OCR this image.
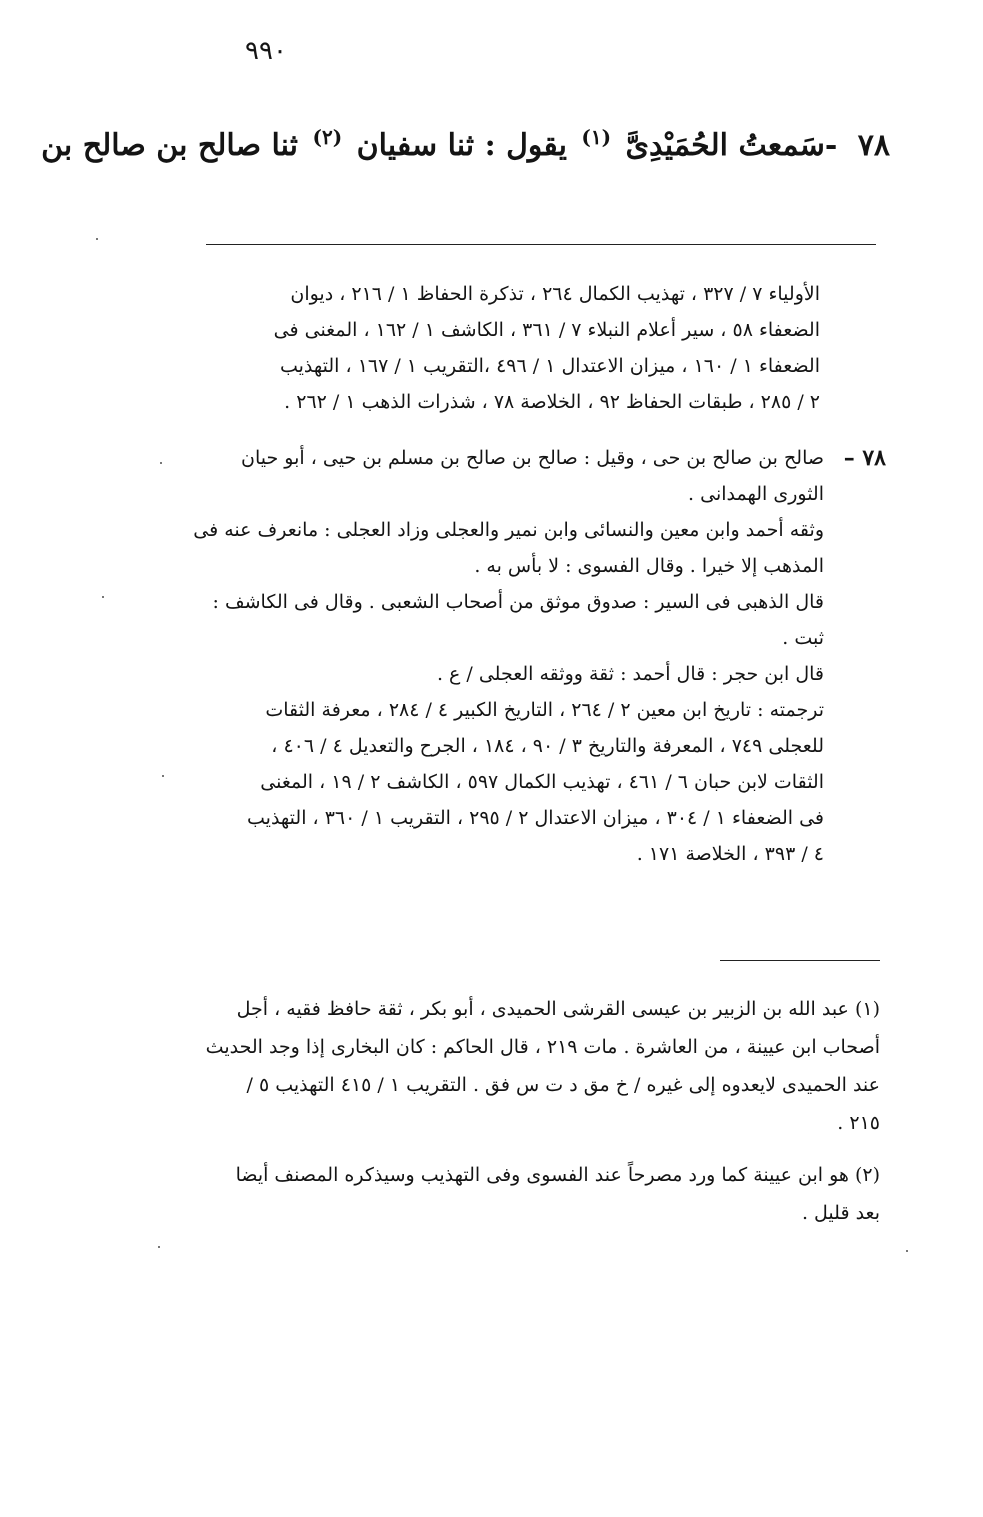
٩٩٠
٧٨ -سَمعتُ الحُمَيْدِىَّ $^{(١)}$ يقول : ثنا سفيان $^{(٢)}$ ثنا صالح بن صالح بن

الأولياء ٧ / ٣٢٧ ، تهذيب الكمال ٢٦٤ ، تذكرة الحفاظ ١ / ٢١٦ ، ديوان

الضعفاء ٥٨ ، سير أعلام النبلاء ٧ / ٣٦١ ، الكاشف ١ / ١٦٢ ، المغنى فى

الضعفاء ١ / ١٦٠ ، ميزان الاعتدال ١ / ٤٩٦ ،التقريب ١ / ١٦٧ ، التهذيب

٢ / ٢٨٥ ، طبقات الحفاظ ٩٢ ، الخلاصة ٧٨ ، شذرات الذهب ١ / ٢٦٢ .

٧٨ –

صالح بن صالح بن حى ، وقيل : صالح بن صالح بن مسلم بن حيى ، أبو حيان

الثورى الهمدانى .

وثقه أحمد وابن معين والنسائى وابن نمير والعجلى وزاد العجلى : مانعرف عنه فى

المذهب إلا خيرا . وقال الفسوى : لا بأس به .

قال الذهبى فى السير : صدوق موثق من أصحاب الشعبى . وقال فى الكاشف :

ثبت .

قال ابن حجر : قال أحمد : ثقة ووثقه العجلى / ع .

ترجمته : تاريخ ابن معين ٢ / ٢٦٤ ، التاريخ الكبير ٤ / ٢٨٤ ، معرفة الثقات

للعجلى ٧٤٩ ، المعرفة والتاريخ ٣ / ٩٠ ، ١٨٤ ، الجرح والتعديل ٤ / ٤٠٦ ،

الثقات لابن حبان ٦ / ٤٦١ ، تهذيب الكمال ٥٩٧ ، الكاشف ٢ / ١٩ ، المغنى

فى الضعفاء ١ / ٣٠٤ ، ميزان الاعتدال ٢ / ٢٩٥ ، التقريب ١ / ٣٦٠ ، التهذيب

٤ / ٣٩٣ ، الخلاصة ١٧١ .

(١) عبد الله بن الزبير بن عيسى القرشى الحميدى ، أبو بكر ، ثقة حافظ فقيه ، أجل

أصحاب ابن عيينة ، من العاشرة . مات ٢١٩ ، قال الحاكم : كان البخارى إذا وجد الحديث

عند الحميدى لايعدوه إلى غيره / خ مق د ت س فق . التقريب ١ / ٤١٥ التهذيب ٥ /

٢١٥ .

(٢) هو ابن عيينة كما ورد مصرحاً عند الفسوى وفى التهذيب وسيذكره المصنف أيضا

بعد قليل .
